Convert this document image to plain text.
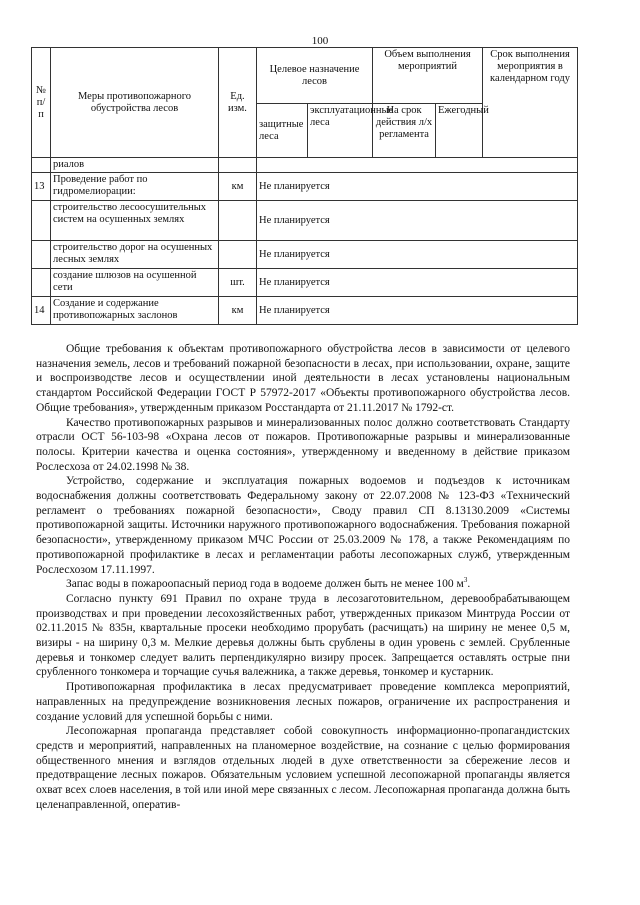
100
№ п/п	Меры противопожарного обустройства лесов	Ед. изм.	Целевое назначение лесов		Объем выполнения мероприятий		Срок выполнения мероприятия в календарном году
			защитные леса	эксплуатационные леса	На срок действия л/х регламента	Ежегодный	
	риалов						
13	Проведение работ по гидромелиорации:	км	Не планируется				
	строительство лесоосушительных систем на осушенных землях		Не планируется				
	строительство дорог на осушенных лесных землях		Не планируется				
	создание шлюзов на осушенной сети	шт.	Не планируется				
14	Создание и содержание противопожарных заслонов	км	Не планируется				

Общие требования к объектам противопожарного обустройства лесов в зависимости от целевого назначения земель, лесов и требований пожарной безопасности в лесах, при использовании, охране, защите и воспроизводстве лесов и осуществлении иной деятельности в лесах установлены национальным стандартом Российской Федерации ГОСТ Р 57972-2017 «Объекты противопожарного обустройства лесов. Общие требования», утвержденным приказом Росстандарта от 21.11.2017 № 1792-ст.

Качество противопожарных разрывов и минерализованных полос должно соответствовать Стандарту отрасли ОСТ 56-103-98 «Охрана лесов от пожаров. Противопожарные разрывы и минерализованные полосы. Критерии качества и оценка состояния», утвержденному и введенному в действие приказом Рослесхоза от 24.02.1998 № 38.

Устройство, содержание и эксплуатация пожарных водоемов и подъездов к источникам водоснабжения должны соответствовать Федеральному закону от 22.07.2008 № 123-ФЗ «Технический регламент о требованиях пожарной безопасности», Своду правил СП 8.13130.2009 «Системы противопожарной защиты. Источники наружного противопожарного водоснабжения. Требования пожарной безопасности», утвержденному приказом МЧС России от 25.03.2009 № 178, а также Рекомендациям по противопожарной профилактике в лесах и регламентации работы лесопожарных служб, утвержденным Рослесхозом 17.11.1997.

Запас воды в пожароопасный период года в водоеме должен быть не менее 100 $м^3$.

Согласно пункту 691 Правил по охране труда в лесозаготовительном, деревообрабатывающем производствах и при проведении лесохозяйственных работ, утвержденных приказом Минтруда России от 02.11.2015 № 835н, квартальные просеки необходимо прорубать (расчищать) на ширину не менее 0,5 м, визиры - на ширину 0,3 м. Мелкие деревья должны быть срублены в один уровень с землей. Срубленные деревья и тонкомер следует валить перпендикулярно визиру просек. Запрещается оставлять острые пни срубленного тонкомера и торчащие сучья валежника, а также деревья, тонкомер и кустарник.

Противопожарная профилактика в лесах предусматривает проведение комплекса мероприятий, направленных на предупреждение возникновения лесных пожаров, ограничение их распространения и создание условий для успешной борьбы с ними.

Лесопожарная пропаганда представляет собой совокупность информационно-пропагандистских средств и мероприятий, направленных на планомерное воздействие, на сознание с целью формирования общественного мнения и взглядов отдельных людей в духе ответственности за сбережение лесов и предотвращение лесных пожаров. Обязательным условием успешной лесопожарной пропаганды является охват всех слоев населения, в той или иной мере связанных с лесом. Лесопожарная пропаганда должна быть целенаправленной, оператив-
